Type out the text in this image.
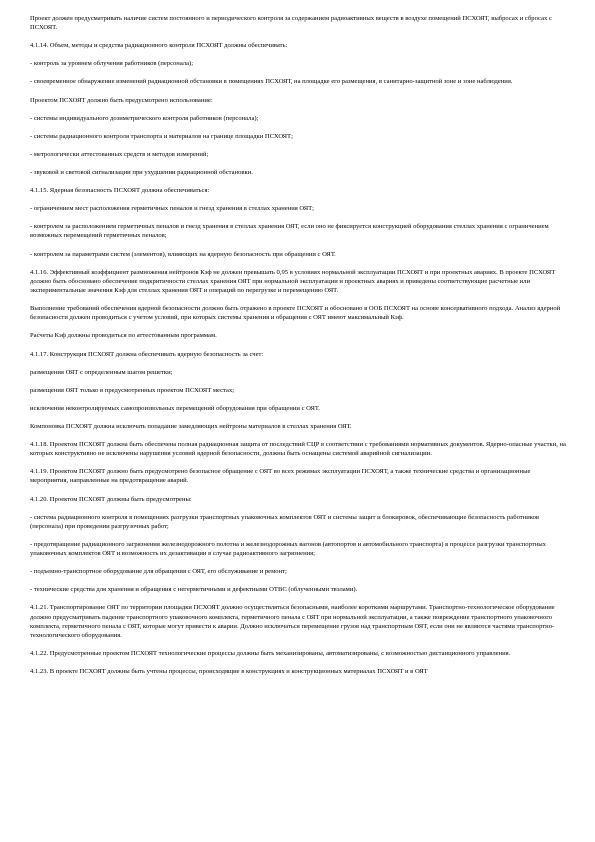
Проект должен предусматривать наличие систем постоянного и периодического контроля за содержанием радиоактивных веществ в воздухе помещений ПСХОЯТ, выбросах и сбросах с ПСХОЯТ.

4.1.14. Объем, методы и средства радиационного контроля ПСХОЯТ должны обеспечивать:

- контроль за уровнем облучения работников (персонала);

- своевременное обнаружение изменений радиационной обстановки в помещениях ПСХОЯТ, на площадке его размещения, в санитарно-защитной зоне и зоне наблюдения.

Проектом ПСХОЯТ должно быть предусмотрено использование:

- системы индивидуального дозиметрического контроля работников (персонала);

- системы радиационного контроля транспорта и материалов на границе площадки ПСХОЯТ;

- метрологически аттестованных средств и методов измерений;

- звуковой и световой сигнализации при ухудшении радиационной обстановки.

4.1.15. Ядерная безопасность ПСХОЯТ должна обеспечиваться:

- ограничением мест расположения герметичных пеналов и гнезд хранения в стеллах хранения ОЯТ;

- контролем за расположением герметичных пеналов и гнезд хранения в стеллах хранения ОЯТ, если оно не фиксируется конструкцией оборудования стеллах хранения с ограничением возможных перемещений герметичных пеналов;

- контролем за параметрами систем (элементов), влияющих на ядерную безопасность при обращении с ОЯТ.

4.1.16. Эффективный коэффициент размножения нейтронов Кэф не должен превышать 0,95 в условиях нормальной эксплуатации ПСХОЯТ и при проектных авариях. В проекте ПСХОЯТ должно быть обосновано обеспечение подкритичности стеллах хранения ОЯТ при нормальной эксплуатации и проектных авариях и приведены соответствующие расчетные или экспериментальные значения Кэф для стеллах хранения ОЯТ и операций по перегрузке и перемещению ОЯТ.

Выполнение требований обеспечения ядерной безопасности должно быть отражено в проекте ПСХОЯТ и обосновано в ООБ ПСХОЯТ на основе консервативного подхода. Анализ ядерной безопасности должен проводиться с учетом условий, при которых системы хранения и обращения с ОЯТ имеют максимальный Кэф.

Расчеты Кэф должны проводиться по аттестованным программам.

4.1.17. Конструкция ПСХОЯТ должна обеспечивать ядерную безопасность за счет:

размещения ОЯТ с определенным шагом решетки;

размещения ОЯТ только в предусмотренных проектом ПСХОЯТ местах;

исключения неконтролируемых самопроизвольных перемещений оборудования при обращении с ОЯТ.

Компоновка ПСХОЯТ должна исключать попадание замедляющих нейтроны материалов в стеллах хранения ОЯТ.

4.1.18. Проектом ПСХОЯТ должна быть обеспечена полная радиационная защита от последствий СЦР в соответствии с требованиями нормативных документов. Ядерно-опасные участки, на которых конструктивно не исключены нарушения условий ядерной безопасности, должны быть оснащены системой аварийной сигнализации.

4.1.19. Проектом ПСХОЯТ должно быть предусмотрено безопасное обращение с ОЯТ во всех режимах эксплуатации ПСХОЯТ, а также технические средства и организационные мероприятия, направленные на предотвращение аварий.

4.1.20. Проектом ПСХОЯТ должны быть предусмотрены:

- система радиационного контроля в помещениях разгрузки транспортных упаковочных комплектов ОЯТ и системы защит и блокировок, обеспечивающие безопасность работников (персонала) при проведении разгрузочных работ;

- предотвращение радиационного загрязнения железнодорожного полотна и железнодорожных вагонов (автопортов и автомобильного транспорта) в процессе разгрузки транспортных упаковочных комплектов ОЯТ и возможность их дезактивации в случае радиоактивного загрязнения;

- подъемно-транспортное оборудование для обращения с ОЯТ, его обслуживание и ремонт;

- технические средства для хранения и обращения с негерметичными и дефектными ОТВС (облученными твэлами).

4.1.21. Транспортирование ОЯТ по территории площадки ПСХОЯТ должно осуществляться безопасными, наиболее короткими маршрутами. Транспортно-технологическое оборудование должно предусматривать падение транспортного упаковочного комплекта, герметичного пенала с ОЯТ при нормальной эксплуатации, а также повреждение транспортного упаковочного комплекта, герметичного пенала с ОЯТ, которые могут привести к аварии. Должно исключаться перемещение грузов над транспортным ОЯТ, если они не являются частями транспортно-технологического оборудования.

4.1.22. Предусмотренные проектом ПСХОЯТ технологические процессы должны быть механизированы, автоматизированы, с возможностью дистанционного управления.

4.1.23. В проекте ПСХОЯТ должны быть учтены процессы, происходящие в конструкциях и конструкционных материалах ПСХОЯТ и в ОЯТ
